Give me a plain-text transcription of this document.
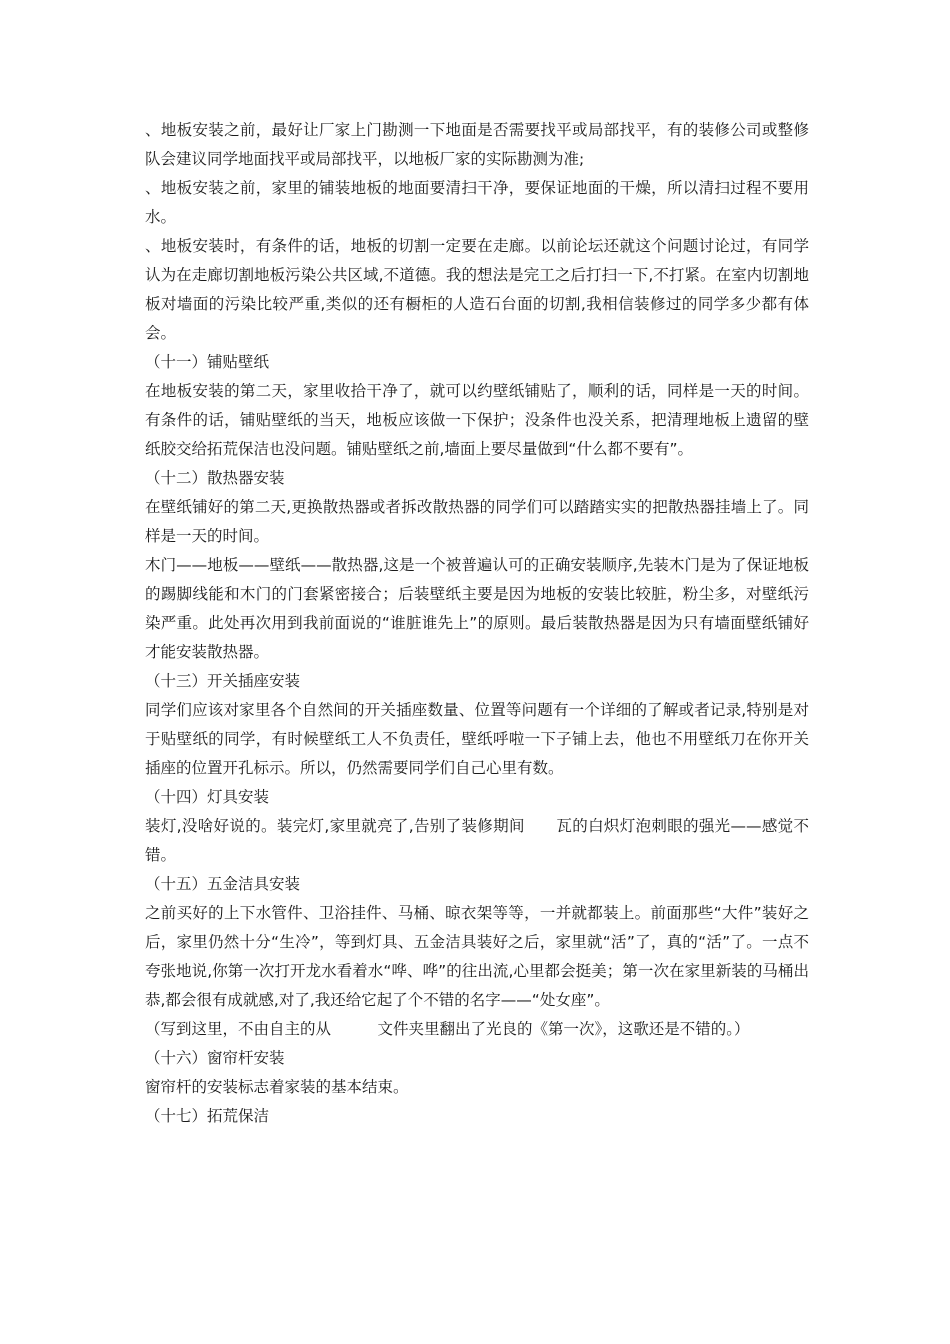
、地板安装之前，最好让厂家上门勘测一下地面是否需要找平或局部找平，有的装修公司或整修队会建议同学地面找平或局部找平，以地板厂家的实际勘测为准;

、地板安装之前，家里的铺装地板的地面要清扫干净，要保证地面的干燥，所以清扫过程不要用水。

、地板安装时，有条件的话，地板的切割一定要在走廊。以前论坛还就这个问题讨论过，有同学认为在走廊切割地板污染公共区域,不道德。我的想法是完工之后打扫一下,不打紧。在室内切割地板对墙面的污染比较严重,类似的还有橱柜的人造石台面的切割,我相信装修过的同学多少都有体会。

（十一）铺贴壁纸

在地板安装的第二天，家里收拾干净了，就可以约壁纸铺贴了，顺利的话，同样是一天的时间。有条件的话，铺贴壁纸的当天，地板应该做一下保护；没条件也没关系，把清理地板上遗留的壁纸胶交给拓荒保洁也没问题。铺贴壁纸之前,墙面上要尽量做到“什么都不要有”。

（十二）散热器安装

在壁纸铺好的第二天,更换散热器或者拆改散热器的同学们可以踏踏实实的把散热器挂墙上了。同样是一天的时间。

木门——地板——壁纸——散热器,这是一个被普遍认可的正确安装顺序,先装木门是为了保证地板的踢脚线能和木门的门套紧密接合；后装壁纸主要是因为地板的安装比较脏，粉尘多，对壁纸污染严重。此处再次用到我前面说的“谁脏谁先上”的原则。最后装散热器是因为只有墙面壁纸铺好才能安装散热器。

（十三）开关插座安装

同学们应该对家里各个自然间的开关插座数量、位置等问题有一个详细的了解或者记录,特别是对于贴壁纸的同学，有时候壁纸工人不负责任，壁纸呼啦一下子铺上去，他也不用壁纸刀在你开关插座的位置开孔标示。所以，仍然需要同学们自己心里有数。

（十四）灯具安装

装灯,没啥好说的。装完灯,家里就亮了,告别了装修期间　　瓦的白炽灯泡刺眼的强光——感觉不错。

（十五）五金洁具安装

之前买好的上下水管件、卫浴挂件、马桶、晾衣架等等，一并就都装上。前面那些“大件”装好之后，家里仍然十分“生冷”，等到灯具、五金洁具装好之后，家里就“活”了，真的“活”了。一点不夸张地说,你第一次打开龙水看着水“哗、哗”的往出流,心里都会挺美；第一次在家里新装的马桶出恭,都会很有成就感,对了,我还给它起了个不错的名字——“处女座”。

（写到这里，不由自主的从　　　文件夹里翻出了光良的《第一次》，这歌还是不错的。）

（十六）窗帘杆安装

窗帘杆的安装标志着家装的基本结束。

（十七）拓荒保洁
